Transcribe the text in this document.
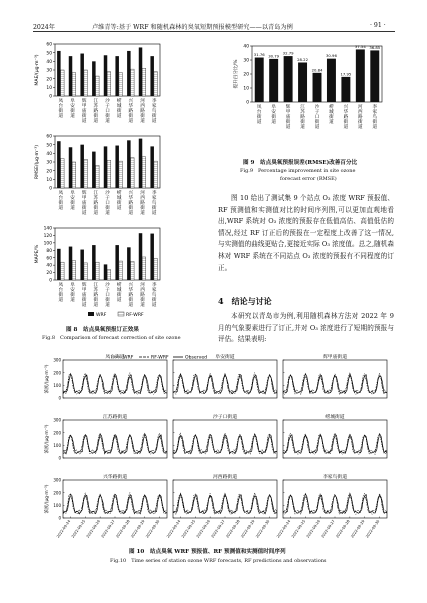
2024年	卢维青等:基于 WRF 和随机森林的臭氧短期预报模型研究——以青岛为例	· 91 ·
0
10
20
30
40
50
60
MAE/(μg·m⁻³)
凤台街道
阜安街道
辉甲庙街道
江苏路街道
沙子口街道
崂城街道
兴华路街道
河西路街道
李家鸟街道
0
10
20
30
40
50
60
RMSE/(μg·m⁻³)
凤台街道
阜安街道
辉甲庙街道
江苏路街道
沙子口街道
崂城街道
兴华路街道
河西路街道
李家鸟街道
0
20
40
60
80
100
120
140
MAPE/%
凤台街道
阜安街道
辉甲庙街道
江苏路街道
沙子口街道
崂城街道
兴华路街道
河西路街道
李家鸟街道
WRF	RF-WRF
图 8　站点臭氧预报订正效果
Fig.8　Comparison of forecast correction of site ozone
0
10
20
30
40
提升百分比/%
31.76
凤台街道
30.79
阜安街道
32.79
辉甲庙街道
28.22
江苏路街道
20.84
沙子口街道
30.96
崂城街道
17.95
兴华路街道
37.54
河西路街道
36.85
李家鸟街道
图 9　站点臭氧预报误差(RMSE)改善百分比
Fig.9　Percentage improvement in site ozone
forecast error (RMSE)

图 10 给出了测试集 9 个站点 O₃ 浓度 WRF 预报值、RF 预测值和实测值对比的时间序列图,可以更加直观地看出,WRF 系统对 O₃ 浓度的预报存在低值高估、高值低估的情况,经过 RF 订正后的预报在一定程度上改善了这一情况,与实测值的曲线更贴合,更接近实际 O₃ 浓度值。总之,随机森林对 WRF 系统在不同站点 O₃ 浓度的预报有不同程度的订正。

4　结论与讨论

本研究以青岛市为例,利用随机森林方法对 2022 年 9 月的气象要素进行了订正,并对 O₃ 浓度进行了短期的预报与评估。结果表明:

WRF	RF-WRF	Observed
凤台街道
0
100
200
300
浓度/(μg·m⁻³)
阜安街道	辉甲庙街道
江苏路街道
0
100
200
300
浓度/(μg·m⁻³)
沙子口街道	崂城街道
兴华路街道
0
100
200
300
浓度/(μg·m⁻³)
2022-09-24 2022-09-25 2022-09-26 2022-09-27 2022-09-28 2022-09-29 2022-09-30
河西路街道
2022-09-24 2022-09-25 2022-09-26 2022-09-27 2022-09-28 2022-09-29 2022-09-30
李家鸟街道
2022-09-24 2022-09-25 2022-09-26 2022-09-27 2022-09-28 2022-09-29 2022-09-30
图 10　站点臭氧 WRF 预报值、RF 预测值和实测值时间序列
Fig.10　Time series of station ozone WRF forecasts, RF predictions and observations
